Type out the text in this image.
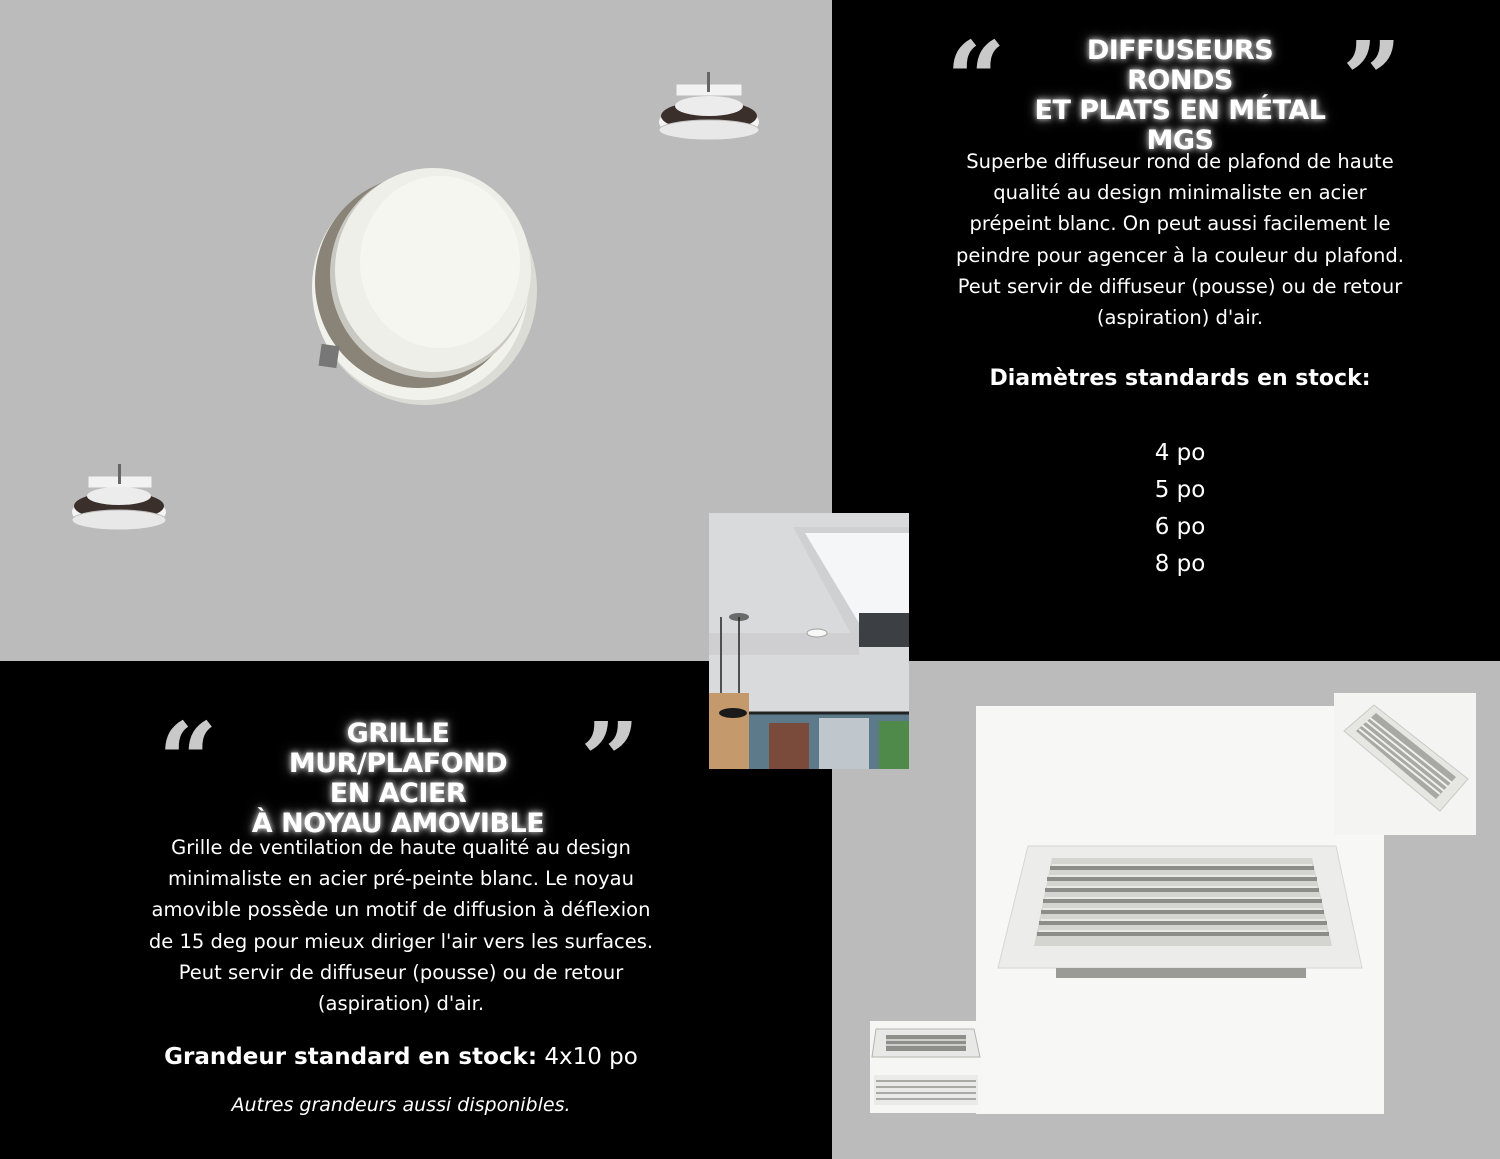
“	DIFFUSEURS RONDS
ET PLATS EN MÉTAL
MGS	”

Superbe diffuseur rond de plafond de haute
qualité au design minimaliste en acier
prépeint blanc. On peut aussi facilement le
peindre pour agencer à la couleur du plafond.
Peut servir de diffuseur (pousse) ou de retour
(aspiration) d'air.

Diamètres standards en stock:

4 po
5 po
6 po
8 po
“	GRILLE MUR/PLAFOND
EN ACIER
À NOYAU AMOVIBLE
”

Grille de ventilation de haute qualité au design
minimaliste en acier pré-peinte blanc. Le noyau
amovible possède un motif de diffusion à déflexion
de 15 deg pour mieux diriger l'air vers les surfaces.
Peut servir de diffuseur (pousse) ou de retour
(aspiration) d'air.

Grandeur standard en stock: 4x10 po

Autres grandeurs aussi disponibles.
